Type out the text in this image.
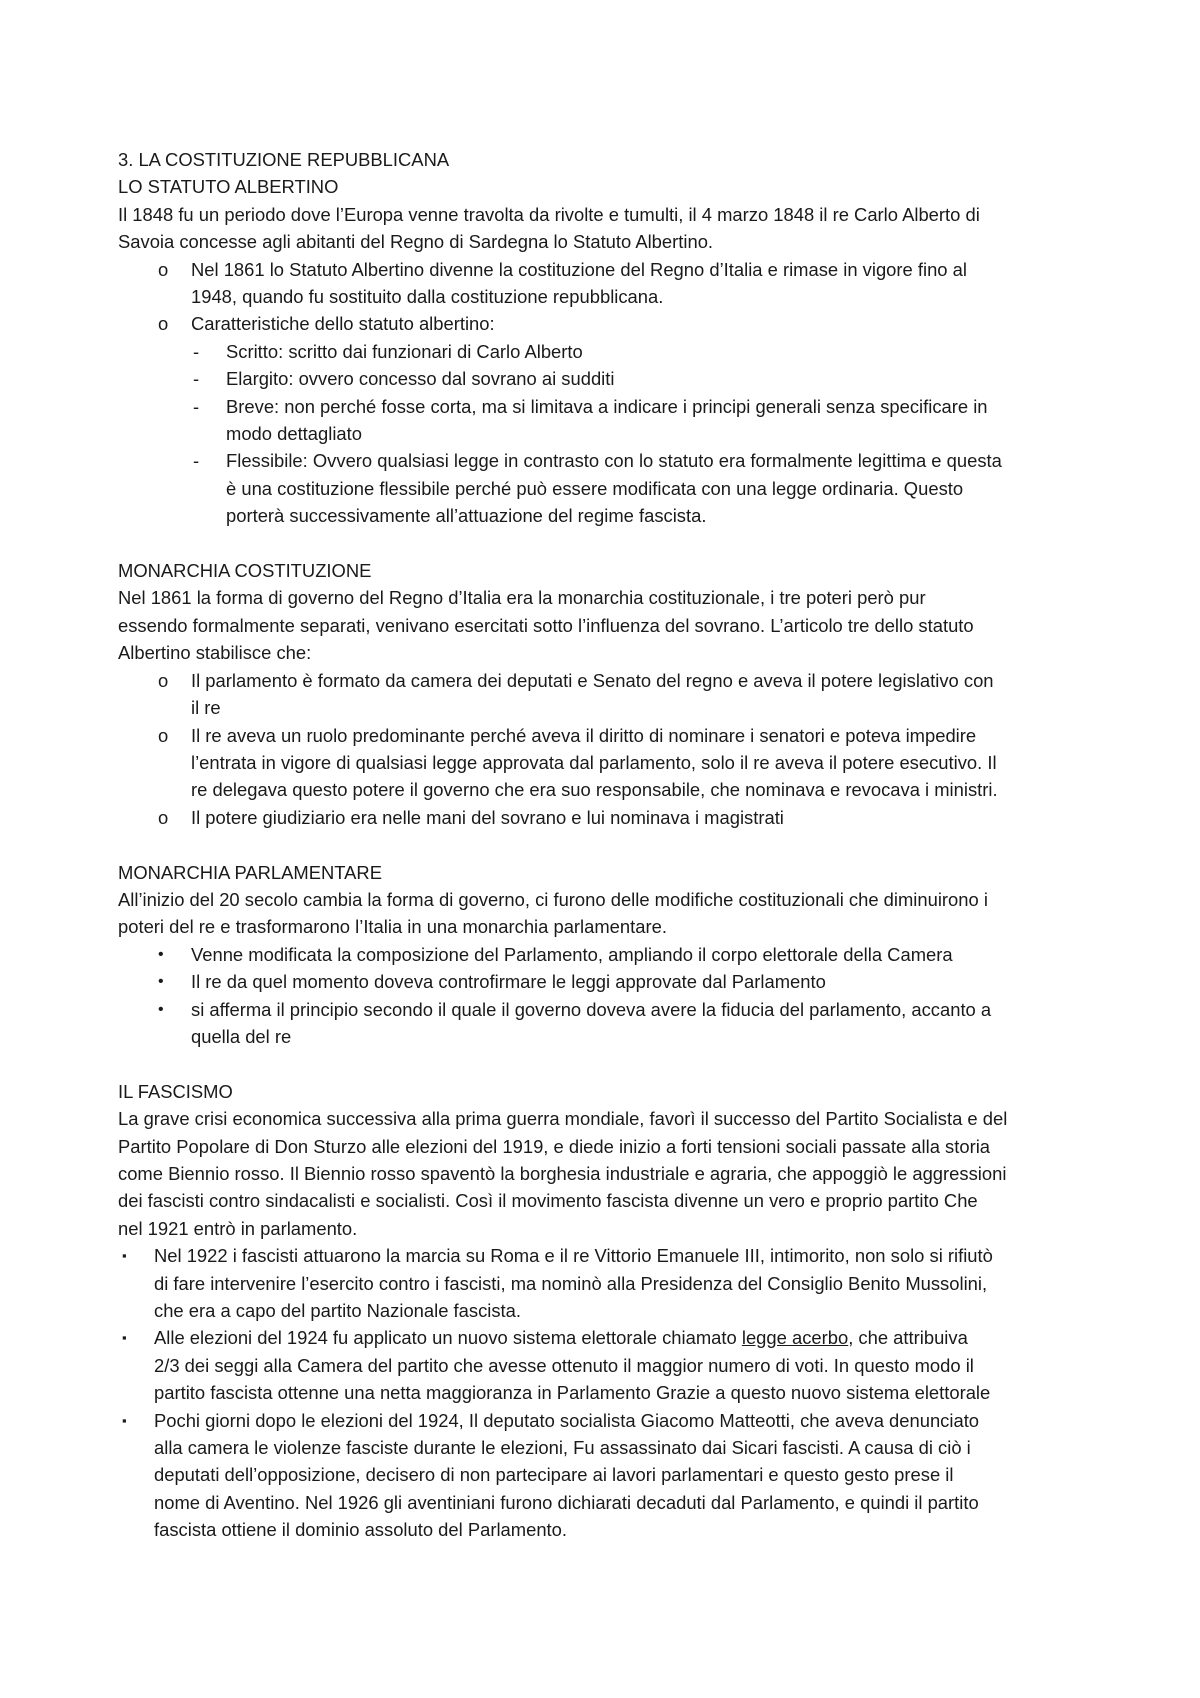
3. LA COSTITUZIONE REPUBBLICANA
LO STATUTO ALBERTINO
Il 1848 fu un periodo dove l’Europa venne travolta da rivolte e tumulti, il 4 marzo 1848 il re Carlo Alberto di
Savoia concesse agli abitanti del Regno di Sardegna lo Statuto Albertino.
o Nel 1861 lo Statuto Albertino divenne la costituzione del Regno d’Italia e rimase in vigore fino al
1948, quando fu sostituito dalla costituzione repubblicana.
o Caratteristiche dello statuto albertino:
- Scritto: scritto dai funzionari di Carlo Alberto
- Elargito: ovvero concesso dal sovrano ai sudditi
- Breve: non perché fosse corta, ma si limitava a indicare i principi generali senza specificare in
modo dettagliato
- Flessibile: Ovvero qualsiasi legge in contrasto con lo statuto era formalmente legittima e questa
è una costituzione flessibile perché può essere modificata con una legge ordinaria. Questo
porterà successivamente all’attuazione del regime fascista.
MONARCHIA COSTITUZIONE
Nel 1861 la forma di governo del Regno d’Italia era la monarchia costituzionale, i tre poteri però pur
essendo formalmente separati, venivano esercitati sotto l’influenza del sovrano. L’articolo tre dello statuto
Albertino stabilisce che:
o Il parlamento è formato da camera dei deputati e Senato del regno e aveva il potere legislativo con
il re
o Il re aveva un ruolo predominante perché aveva il diritto di nominare i senatori e poteva impedire
l’entrata in vigore di qualsiasi legge approvata dal parlamento, solo il re aveva il potere esecutivo. Il
re delegava questo potere il governo che era suo responsabile, che nominava e revocava i ministri.
o Il potere giudiziario era nelle mani del sovrano e lui nominava i magistrati
MONARCHIA PARLAMENTARE
All’inizio del 20 secolo cambia la forma di governo, ci furono delle modifiche costituzionali che diminuirono i
poteri del re e trasformarono l’Italia in una monarchia parlamentare.
• Venne modificata la composizione del Parlamento, ampliando il corpo elettorale della Camera
• Il re da quel momento doveva controfirmare le leggi approvate dal Parlamento
• si afferma il principio secondo il quale il governo doveva avere la fiducia del parlamento, accanto a
quella del re
IL FASCISMO
La grave crisi economica successiva alla prima guerra mondiale, favorì il successo del Partito Socialista e del
Partito Popolare di Don Sturzo alle elezioni del 1919, e diede inizio a forti tensioni sociali passate alla storia
come Biennio rosso. Il Biennio rosso spaventò la borghesia industriale e agraria, che appoggiò le aggressioni
dei fascisti contro sindacalisti e socialisti. Così il movimento fascista divenne un vero e proprio partito Che
nel 1921 entrò in parlamento.
▪ Nel 1922 i fascisti attuarono la marcia su Roma e il re Vittorio Emanuele III, intimorito, non solo si rifiutò
di fare intervenire l’esercito contro i fascisti, ma nominò alla Presidenza del Consiglio Benito Mussolini,
che era a capo del partito Nazionale fascista.
▪ Alle elezioni del 1924 fu applicato un nuovo sistema elettorale chiamato legge acerbo, che attribuiva
2/3 dei seggi alla Camera del partito che avesse ottenuto il maggior numero di voti. In questo modo il
partito fascista ottenne una netta maggioranza in Parlamento Grazie a questo nuovo sistema elettorale
▪ Pochi giorni dopo le elezioni del 1924, Il deputato socialista Giacomo Matteotti, che aveva denunciato
alla camera le violenze fasciste durante le elezioni, Fu assassinato dai Sicari fascisti. A causa di ciò i
deputati dell’opposizione, decisero di non partecipare ai lavori parlamentari e questo gesto prese il
nome di Aventino. Nel 1926 gli aventiniani furono dichiarati decaduti dal Parlamento, e quindi il partito
fascista ottiene il dominio assoluto del Parlamento.
